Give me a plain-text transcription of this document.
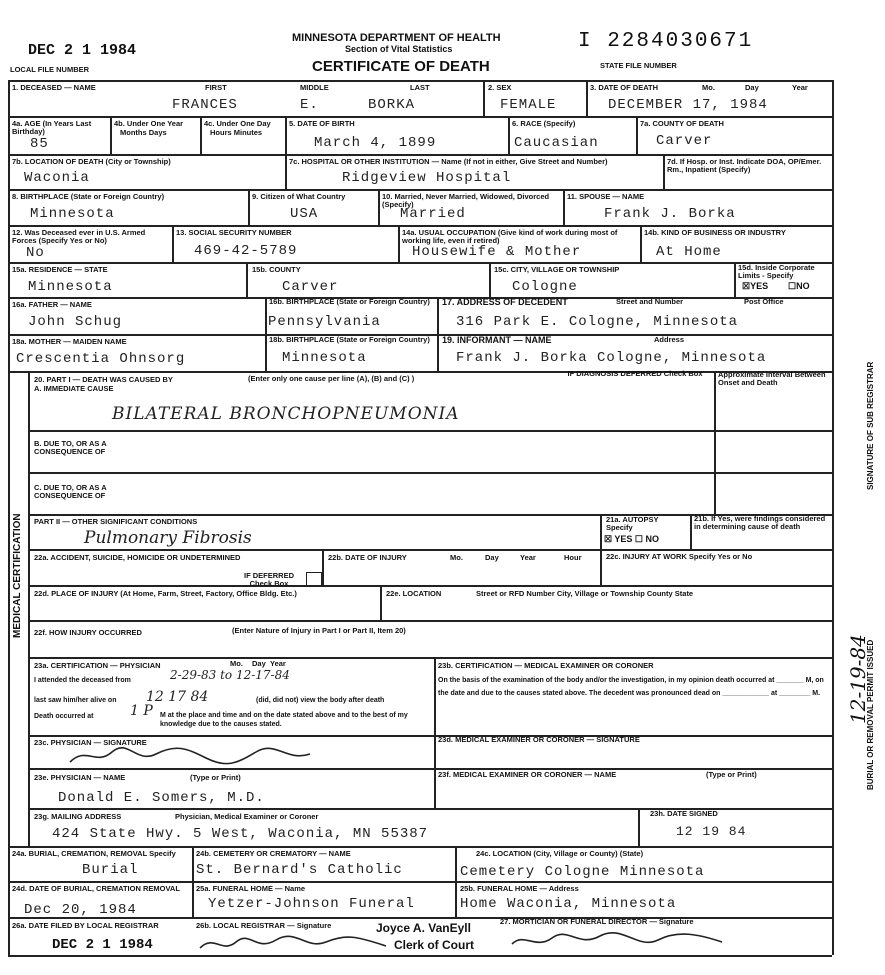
DEC 2 1 1984
LOCAL FILE NUMBER
MINNESOTA DEPARTMENT OF HEALTH
Section of Vital Statistics
CERTIFICATE OF DEATH
I 2284030671
STATE FILE NUMBER
1. DECEASED — NAME	FIRST	MIDDLE	LAST
FRANCES	E.	BORKA
2. SEX
FEMALE
3. DATE OF DEATH	Mo.	Day	Year
DECEMBER 17, 1984
4a. AGE (In Years Last Birthday)
85
4b. Under One Year
Months Days
4c. Under One Day
Hours Minutes
5. DATE OF BIRTH
March 4, 1899
6. RACE (Specify)
Caucasian
7a. COUNTY OF DEATH
Carver
7b. LOCATION OF DEATH (City or Township)
Waconia
7c. HOSPITAL OR OTHER INSTITUTION — Name (If not in either, Give Street and Number)
Ridgeview Hospital
7d. If Hosp. or Inst. Indicate DOA, OP/Emer. Rm., Inpatient (Specify)
8. BIRTHPLACE (State or Foreign Country)
Minnesota
9. Citizen of What Country
USA
10. Married, Never Married, Widowed, Divorced (Specify)
Married
11. SPOUSE — NAME
Frank J. Borka
12. Was Deceased ever in U.S. Armed Forces (Specify Yes or No)
No
13. SOCIAL SECURITY NUMBER
469-42-5789
14a. USUAL OCCUPATION (Give kind of work during most of working life, even if retired)
Housewife & Mother
14b. KIND OF BUSINESS OR INDUSTRY
At Home
15a. RESIDENCE — STATE
Minnesota
15b. COUNTY
Carver
15c. CITY, VILLAGE OR TOWNSHIP
Cologne
15d. Inside Corporate Limits - Specify
☒YES ☐NO
16a. FATHER — NAME
John Schug
16b. BIRTHPLACE (State or Foreign Country)
Pennsylvania
17. ADDRESS OF DECEDENT	Street and Number	Post Office
316 Park E. Cologne, Minnesota
18a. MOTHER — MAIDEN NAME
Crescentia Ohnsorg
18b. BIRTHPLACE (State or Foreign Country)
Minnesota
19. INFORMANT — NAME	Address
Frank J. Borka Cologne, Minnesota
20. PART I — DEATH WAS CAUSED BY
A. IMMEDIATE CAUSE
(Enter only one cause per line (A), (B) and (C) )
IF DIAGNOSIS DEFERRED Check Box	Approximate Interval Between Onset and Death
BILATERAL BRONCHOPNEUMONIA
B. DUE TO, OR AS A CONSEQUENCE OF
C. DUE TO, OR AS A CONSEQUENCE OF
PART II — OTHER SIGNIFICANT CONDITIONS
Pulmonary Fibrosis
21a. AUTOPSY Specify
☒ YES ☐ NO
21b. If Yes, were findings considered in determining cause of death
22a. ACCIDENT, SUICIDE, HOMICIDE OR UNDETERMINED
IF DEFERRED Check Box
22b. DATE OF INJURY	Mo.	Day	Year	Hour	22c. INJURY AT WORK Specify Yes or No
22d. PLACE OF INJURY (At Home, Farm, Street, Factory, Office Bldg. Etc.)	22e. LOCATION	Street or RFD Number City, Village or Township County State
22f. HOW INJURY OCCURRED	(Enter Nature of Injury in Part I or Part II, Item 20)
23a. CERTIFICATION — PHYSICIAN	Mo. Day Year
I attended the deceased from	2-29-83 to 12-17-84
last saw him/her alive on 12 17 84	(did, did not) view the body after death
Death occurred at	1 P M at the place and time and on the date stated above and to the best of my knowledge due to the causes stated.
23b. CERTIFICATION — MEDICAL EXAMINER OR CORONER
On the basis of the examination of the body and/or the investigation, in my opinion death occurred at _______ M, on the date and due to the causes stated above. The decedent was pronounced dead on ____________ at ________ M.
23c. PHYSICIAN — SIGNATURE	23d. MEDICAL EXAMINER OR CORONER — SIGNATURE
23e. PHYSICIAN — NAME	(Type or Print)
Donald E. Somers, M.D.
23f. MEDICAL EXAMINER OR CORONER — NAME	(Type or Print)
23g. MAILING ADDRESS	Physician, Medical Examiner or Coroner
424 State Hwy. 5 West, Waconia, MN 55387
23h. DATE SIGNED
12 19 84
24a. BURIAL, CREMATION, REMOVAL Specify
Burial
24b. CEMETERY OR CREMATORY — NAME
St. Bernard's Catholic
24c. LOCATION (City, Village or County) (State)
Cemetery Cologne Minnesota
24d. DATE OF BURIAL, CREMATION REMOVAL
Dec 20, 1984
25a. FUNERAL HOME — Name
Yetzer-Johnson Funeral
25b. FUNERAL HOME — Address
Home Waconia, Minnesota
26a. DATE FILED BY LOCAL REGISTRAR
DEC 2 1 1984
26b. LOCAL REGISTRAR — Signature	Joyce A. VanEyll
Clerk of Court
27. MORTICIAN OR FUNERAL DIRECTOR — Signature
MEDICAL CERTIFICATION
SIGNATURE OF SUB REGISTRAR
BURIAL OR REMOVAL PERMIT ISSUED
12-19-84
